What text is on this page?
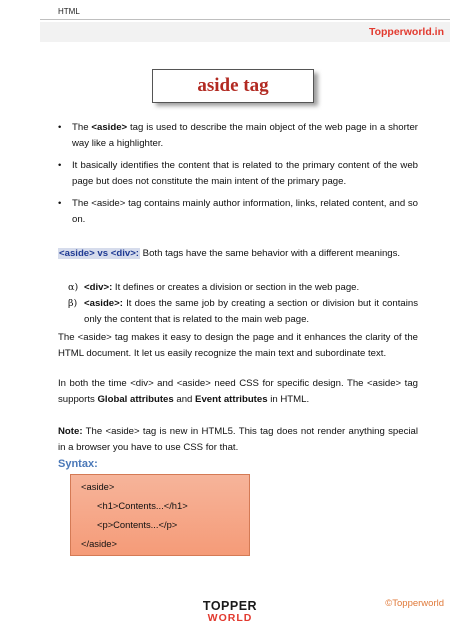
HTML
Topperworld.in
aside tag
• The <aside> tag is used to describe the main object of the web page in a shorter way like a highlighter.
• It basically identifies the content that is related to the primary content of the web page but does not constitute the main intent of the primary page.
• The <aside> tag contains mainly author information, links, related content, and so on.
<aside> vs <div>: Both tags have the same behavior with a different meanings.
α) <div>: It defines or creates a division or section in the web page.
β) <aside>: It does the same job by creating a section or division but it contains only the content that is related to the main web page.
The <aside> tag makes it easy to design the page and it enhances the clarity of the HTML document. It let us easily recognize the main text and subordinate text.
In both the time <div> and <aside> need CSS for specific design. The <aside> tag supports Global attributes and Event attributes in HTML.
Note: The <aside> tag is new in HTML5. This tag does not render anything special in a browser you have to use CSS for that.
Syntax:
<aside>
<h1>Contents...</h1>
<p>Contents...</p>
</aside>
TOPPER
WORLD
©Topperworld
